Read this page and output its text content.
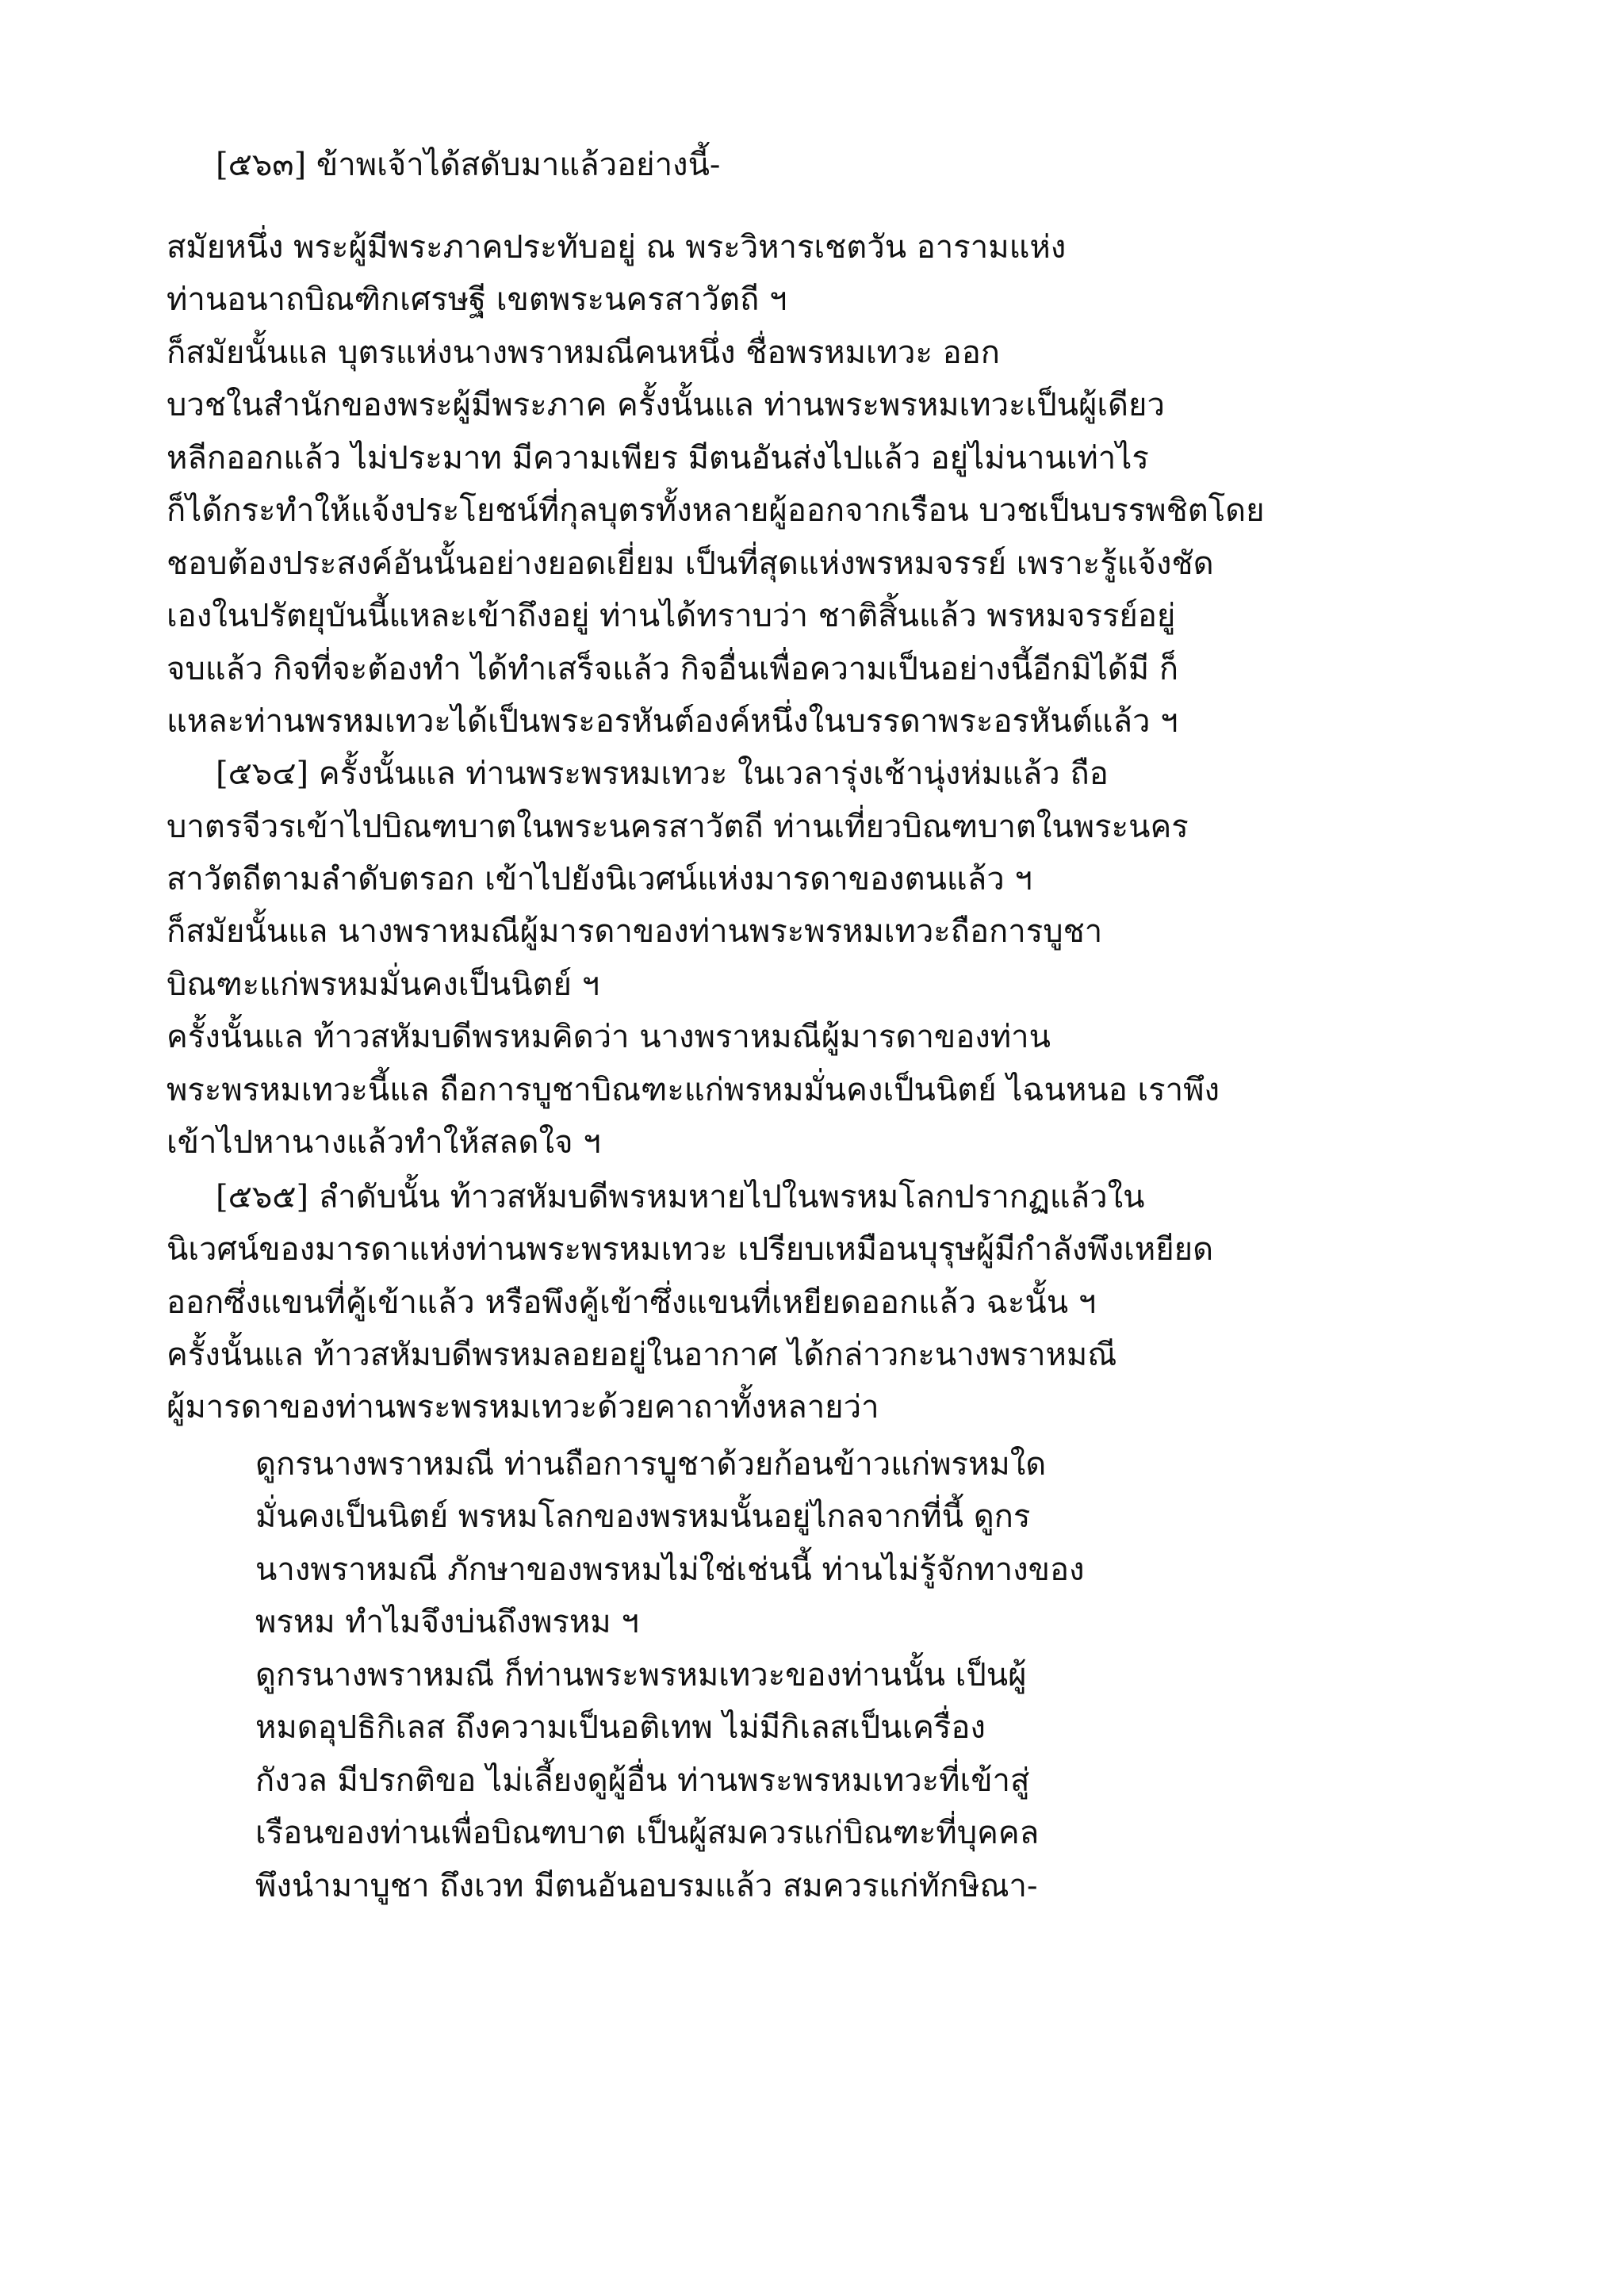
[๕๖๓] ข้าพเจ้าได้สดับมาแล้วอย่างนี้-
สมัยหนึ่ง พระผู้มีพระภาคประทับอยู่ ณ พระวิหารเชตวัน อารามแห่ง
ท่านอนาถบิณฑิกเศรษฐี เขตพระนครสาวัตถี ฯ
ก็สมัยนั้นแล บุตรแห่งนางพราหมณีคนหนึ่ง ชื่อพรหมเทวะ ออก
บวชในสำนักของพระผู้มีพระภาค ครั้งนั้นแล ท่านพระพรหมเทวะเป็นผู้เดียว
หลีกออกแล้ว ไม่ประมาท มีความเพียร มีตนอันส่งไปแล้ว อยู่ไม่นานเท่าไร
ก็ได้กระทำให้แจ้งประโยชน์ที่กุลบุตรทั้งหลายผู้ออกจากเรือน บวชเป็นบรรพชิตโดย
ชอบต้องประสงค์อันนั้นอย่างยอดเยี่ยม เป็นที่สุดแห่งพรหมจรรย์ เพราะรู้แจ้งชัด
เองในปรัตยุบันนี้แหละเข้าถึงอยู่ ท่านได้ทราบว่า ชาติสิ้นแล้ว พรหมจรรย์อยู่
จบแล้ว กิจที่จะต้องทำ ได้ทำเสร็จแล้ว กิจอื่นเพื่อความเป็นอย่างนี้อีกมิได้มี ก็
แหละท่านพรหมเทวะได้เป็นพระอรหันต์องค์หนึ่งในบรรดาพระอรหันต์แล้ว ฯ
[๕๖๔] ครั้งนั้นแล ท่านพระพรหมเทวะ ในเวลารุ่งเช้านุ่งห่มแล้ว ถือ
บาตรจีวรเข้าไปบิณฑบาตในพระนครสาวัตถี ท่านเที่ยวบิณฑบาตในพระนคร
สาวัตถีตามลำดับตรอก เข้าไปยังนิเวศน์แห่งมารดาของตนแล้ว ฯ
ก็สมัยนั้นแล นางพราหมณีผู้มารดาของท่านพระพรหมเทวะถือการบูชา
บิณฑะแก่พรหมมั่นคงเป็นนิตย์ ฯ
ครั้งนั้นแล ท้าวสหัมบดีพรหมคิดว่า นางพราหมณีผู้มารดาของท่าน
พระพรหมเทวะนี้แล ถือการบูชาบิณฑะแก่พรหมมั่นคงเป็นนิตย์ ไฉนหนอ เราพึง
เข้าไปหานางแล้วทำให้สลดใจ ฯ
[๕๖๕] ลำดับนั้น ท้าวสหัมบดีพรหมหายไปในพรหมโลกปรากฏแล้วใน
นิเวศน์ของมารดาแห่งท่านพระพรหมเทวะ เปรียบเหมือนบุรุษผู้มีกำลังพึงเหยียด
ออกซึ่งแขนที่คู้เข้าแล้ว หรือพึงคู้เข้าซึ่งแขนที่เหยียดออกแล้ว ฉะนั้น ฯ
ครั้งนั้นแล ท้าวสหัมบดีพรหมลอยอยู่ในอากาศ ได้กล่าวกะนางพราหมณี
ผู้มารดาของท่านพระพรหมเทวะด้วยคาถาทั้งหลายว่า
ดูกรนางพราหมณี ท่านถือการบูชาด้วยก้อนข้าวแก่พรหมใด
มั่นคงเป็นนิตย์ พรหมโลกของพรหมนั้นอยู่ไกลจากที่นี้ ดูกร
นางพราหมณี ภักษาของพรหมไม่ใช่เช่นนี้ ท่านไม่รู้จักทางของ
พรหม ทำไมจึงบ่นถึงพรหม ฯ
ดูกรนางพราหมณี ก็ท่านพระพรหมเทวะของท่านนั้น เป็นผู้
หมดอุปธิกิเลส ถึงความเป็นอติเทพ ไม่มีกิเลสเป็นเครื่อง
กังวล มีปรกติขอ ไม่เลี้ยงดูผู้อื่น ท่านพระพรหมเทวะที่เข้าสู่
เรือนของท่านเพื่อบิณฑบาต เป็นผู้สมควรแก่บิณฑะที่บุคคล
พึงนำมาบูชา ถึงเวท มีตนอันอบรมแล้ว สมควรแก่ทักษิณา-
